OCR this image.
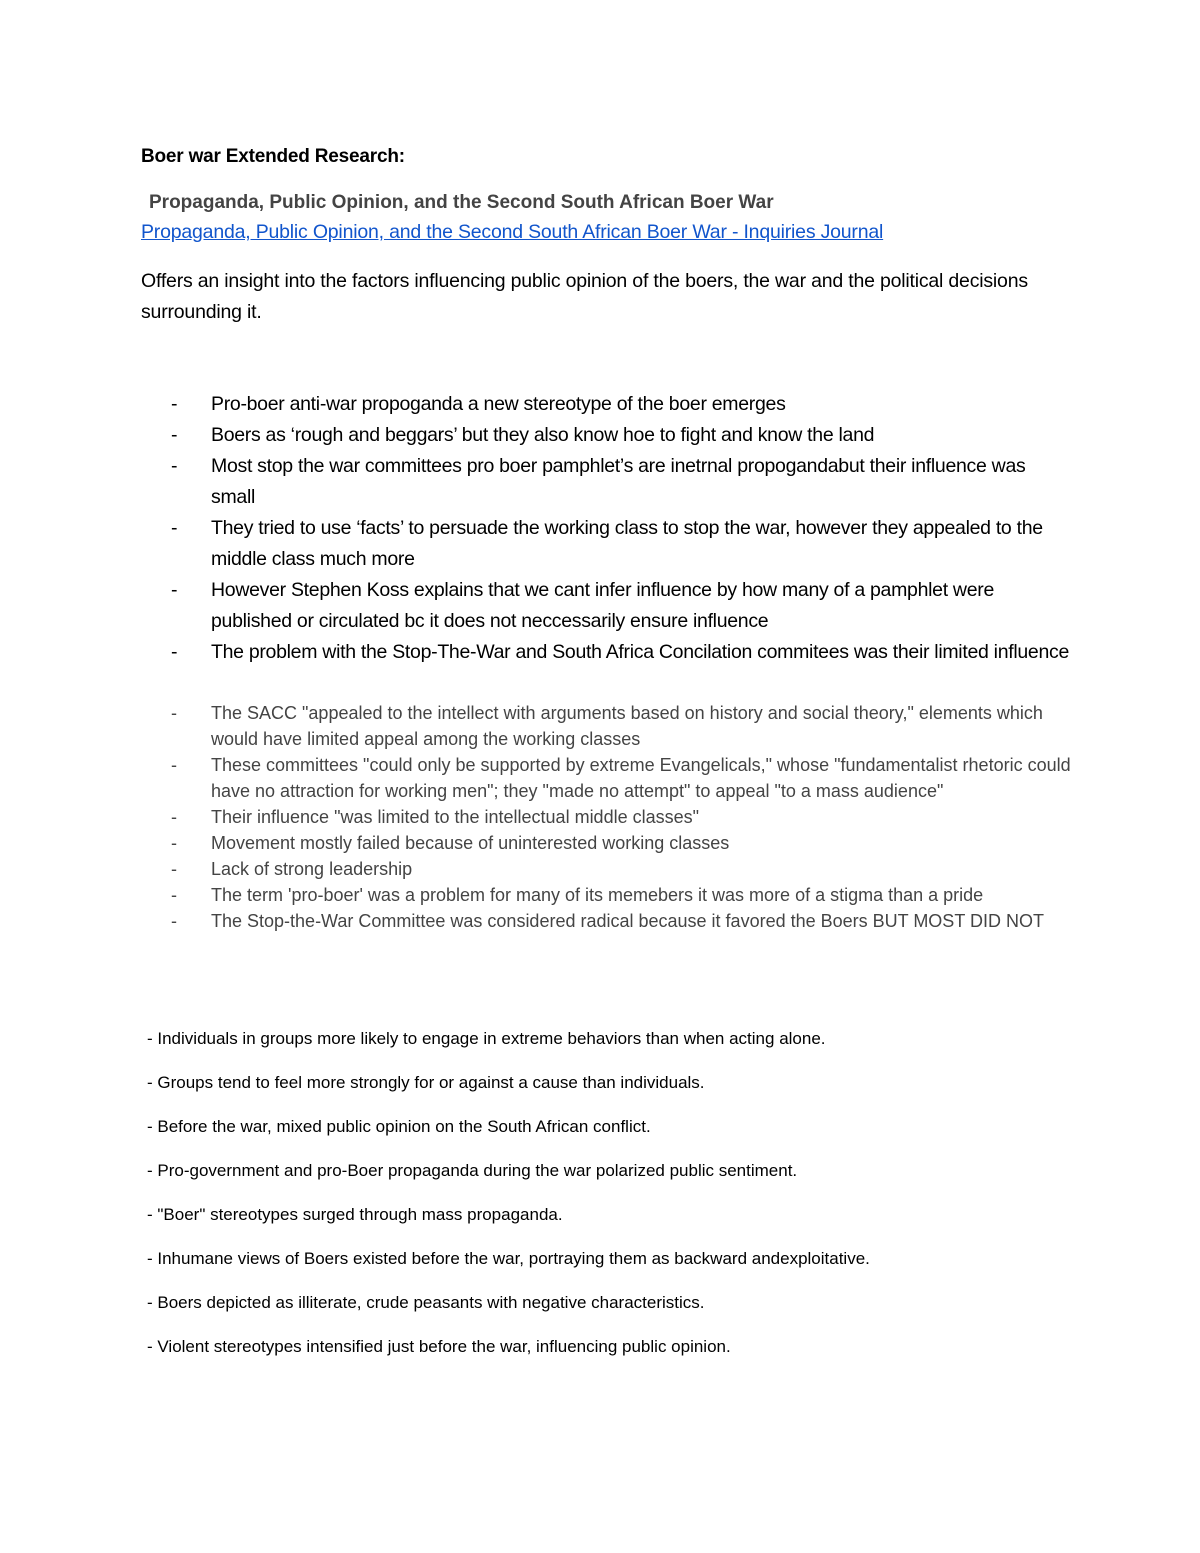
Boer war Extended Research:
Propaganda, Public Opinion, and the Second South African Boer War
Propaganda, Public Opinion, and the Second South African Boer War - Inquiries Journal
Offers an insight into the factors influencing public opinion of the boers, the war and the political decisions surrounding it.
- Pro-boer anti-war propoganda a new stereotype of the boer emerges
- Boers as ‘rough and beggars’ but they also know hoe to fight and know the land
- Most stop the war committees pro boer pamphlet’s are inetrnal propogandabut their influence was small
- They tried to use ‘facts’ to persuade the working class to stop the war, however they appealed to the middle class much more
- However Stephen Koss explains that we cant infer influence by how many of a pamphlet were published or circulated bc it does not neccessarily ensure influence
- The problem with the Stop-The-War and South Africa Concilation commitees was their limited influence
- The SACC "appealed to the intellect with arguments based on history and social theory," elements which would have limited appeal among the working classes
- These committees "could only be supported by extreme Evangelicals," whose "fundamentalist rhetoric could have no attraction for working men"; they "made no attempt" to appeal "to a mass audience"
- Their influence "was limited to the intellectual middle classes"
- Movement mostly failed because of uninterested working classes
- Lack of strong leadership
- The term 'pro-boer' was a problem for many of its memebers it was more of a stigma than a pride
- The Stop-the-War Committee was considered radical because it favored the Boers BUT MOST DID NOT
- Individuals in groups more likely to engage in extreme behaviors than when acting alone.
- Groups tend to feel more strongly for or against a cause than individuals.
- Before the war, mixed public opinion on the South African conflict.
- Pro-government and pro-Boer propaganda during the war polarized public sentiment.
- "Boer" stereotypes surged through mass propaganda.
- Inhumane views of Boers existed before the war, portraying them as backward andexploitative.
- Boers depicted as illiterate, crude peasants with negative characteristics.
- Violent stereotypes intensified just before the war, influencing public opinion.
